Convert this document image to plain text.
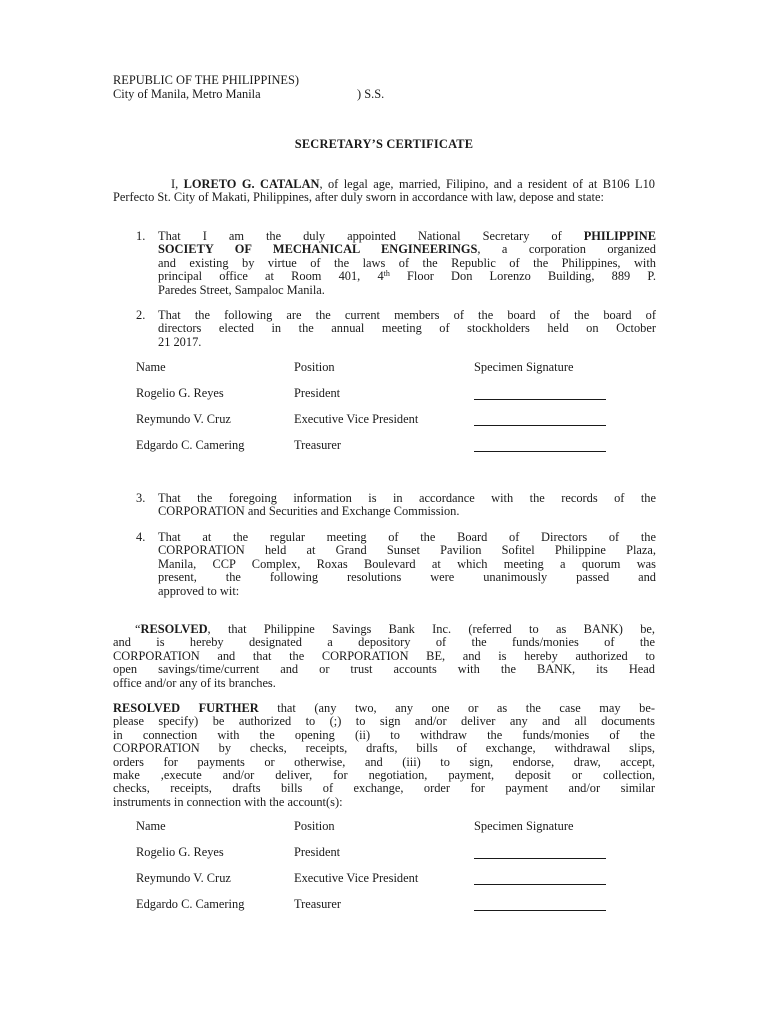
REPUBLIC OF THE PHILIPPINES)
City of Manila, Metro Manila	) S.S.
SECRETARY’S CERTIFICATE
I, LORETO G. CATALAN, of legal age, married, Filipino, and a resident of at B106 L10 Perfecto St. City of Makati, Philippines, after duly sworn in accordance with law, depose and state:
1.	That I am the duly appointed National Secretary of PHILIPPINE
SOCIETY OF MECHANICAL ENGINEERINGS, a corporation organized
and existing by virtue of the laws of the Republic of the Philippines, with
principal office at Room 401, 4th Floor Don Lorenzo Building, 889 P.
Paredes Street, Sampaloc Manila.
2.	That the following are the current members of the board of the board of
directors elected in the annual meeting of stockholders held on October
21 2017.
Name	Position	Specimen Signature
Rogelio G. Reyes	President
Reymundo V. Cruz	Executive Vice President
Edgardo C. Camering	Treasurer
3.	That the foregoing information is in accordance with the records of the
CORPORATION and Securities and Exchange Commission.
4.	That at the regular meeting of the Board of Directors of the
CORPORATION held at Grand Sunset Pavilion Sofitel Philippine Plaza,
Manila, CCP Complex, Roxas Boulevard at which meeting a quorum was
present, the following resolutions were unanimously passed and
approved to wit:
“RESOLVED, that Philippine Savings Bank Inc. (referred to as BANK) be,
and is hereby designated a depository of the funds/monies of the
CORPORATION and that the CORPORATION BE, and is hereby authorized to
open savings/time/current and or trust accounts with the BANK, its Head
office and/or any of its branches.
RESOLVED FURTHER that (any two, any one or as the case may be-
please specify) be authorized to (;) to sign and/or deliver any and all documents
in connection with the opening (ii) to withdraw the funds/monies of the
CORPORATION by checks, receipts, drafts, bills of exchange, withdrawal slips,
orders for payments or otherwise, and (iii) to sign, endorse, draw, accept,
make ,execute and/or deliver, for negotiation, payment, deposit or collection,
checks, receipts, drafts bills of exchange, order for payment and/or similar
instruments in connection with the account(s):
Name	Position	Specimen Signature
Rogelio G. Reyes	President
Reymundo V. Cruz	Executive Vice President
Edgardo C. Camering	Treasurer
